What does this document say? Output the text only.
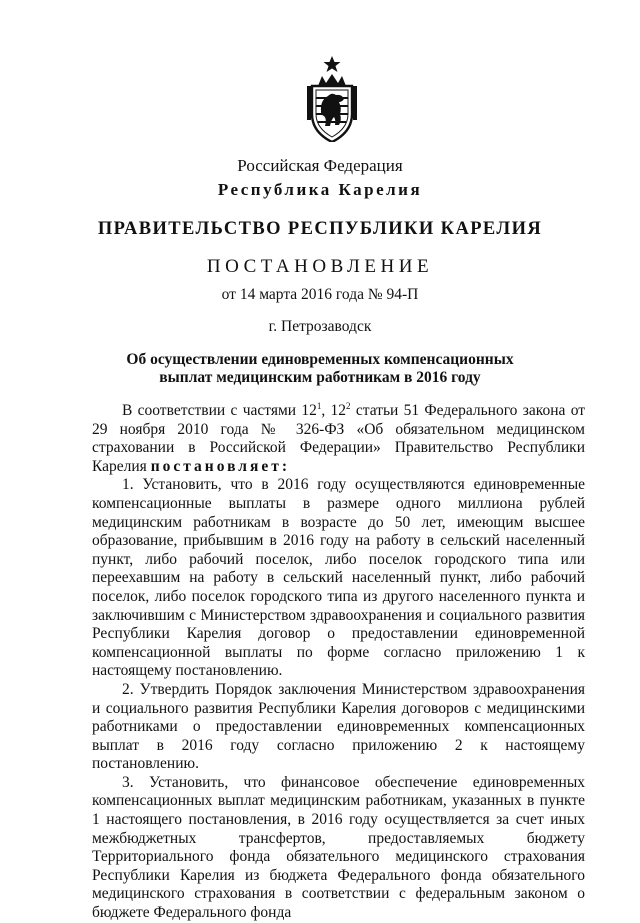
Российская Федерация
Республика Карелия
ПРАВИТЕЛЬСТВО РЕСПУБЛИКИ КАРЕЛИЯ
ПОСТАНОВЛЕНИЕ
от 14 марта 2016 года № 94-П
г. Петрозаводск
Об осуществлении единовременных компенсационных
выплат медицинским работникам в 2016 году

В соответствии с частями $12^1$, $12^2$ статьи 51 Федерального закона от 29 ноября 2010 года № 326-ФЗ «Об обязательном медицинском страховании в Российской Федерации» Правительство Республики Карелия постановляет:

1. Установить, что в 2016 году осуществляются единовременные компенсационные выплаты в размере одного миллиона рублей медицинским работникам в возрасте до 50 лет, имеющим высшее образование, прибывшим в 2016 году на работу в сельский населенный пункт, либо рабочий поселок, либо поселок городского типа или переехавшим на работу в сельский населенный пункт, либо рабочий поселок, либо поселок городского типа из другого населенного пункта и заключившим с Министерством здравоохранения и социального развития Республики Карелия договор о предоставлении единовременной компенсационной выплаты по форме согласно приложению 1 к настоящему постановлению.

2. Утвердить Порядок заключения Министерством здравоохранения и социального развития Республики Карелия договоров с медицинскими работниками о предоставлении единовременных компенсационных выплат в 2016 году согласно приложению 2 к настоящему постановлению.

3. Установить, что финансовое обеспечение единовременных компенсационных выплат медицинским работникам, указанных в пункте 1 настоящего постановления, в 2016 году осуществляется за счет иных межбюджетных трансфертов, предоставляемых бюджету Территориального фонда обязательного медицинского страхования Республики Карелия из бюджета Федерального фонда обязательного медицинского страхования в соответствии с федеральным законом о бюджете Федерального фонда
